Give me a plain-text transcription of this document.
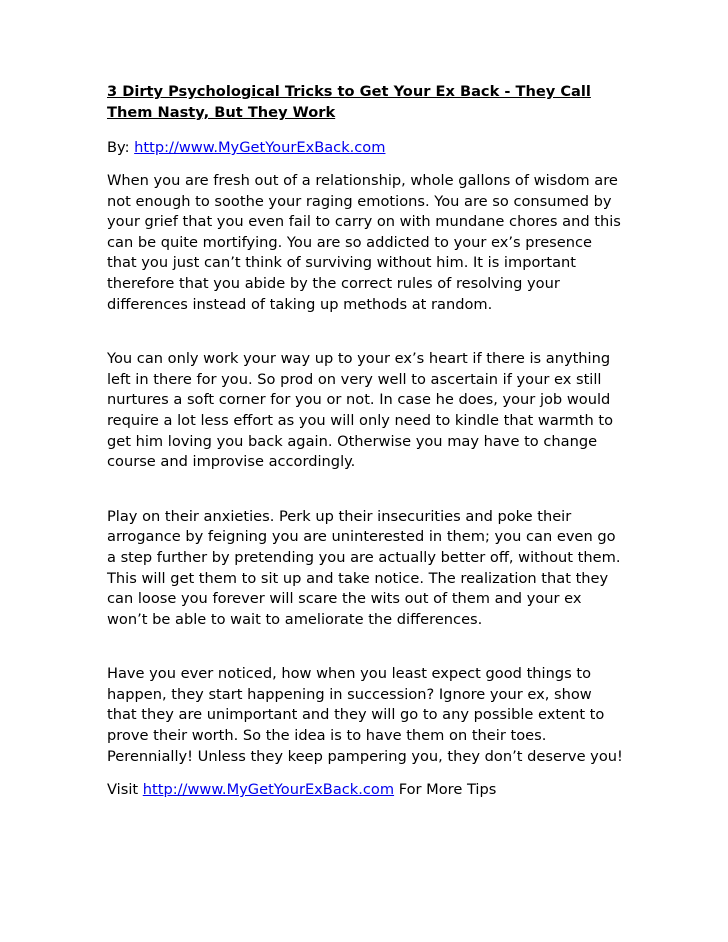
3 Dirty Psychological Tricks to Get Your Ex Back - They Call Them Nasty, But They Work
By: http://www.MyGetYourExBack.com

When you are fresh out of a relationship, whole gallons of wisdom are not enough to soothe your raging emotions. You are so consumed by your grief that you even fail to carry on with mundane chores and this can be quite mortifying. You are so addicted to your ex’s presence that you just can’t think of surviving without him. It is important therefore that you abide by the correct rules of resolving your differences instead of taking up methods at random.

You can only work your way up to your ex’s heart if there is anything left in there for you. So prod on very well to ascertain if your ex still nurtures a soft corner for you or not. In case he does, your job would require a lot less effort as you will only need to kindle that warmth to get him loving you back again. Otherwise you may have to change course and improvise accordingly.

Play on their anxieties. Perk up their insecurities and poke their arrogance by feigning you are uninterested in them; you can even go a step further by pretending you are actually better off, without them. This will get them to sit up and take notice. The realization that they can loose you forever will scare the wits out of them and your ex won’t be able to wait to ameliorate the differences.

Have you ever noticed, how when you least expect good things to happen, they start happening in succession? Ignore your ex, show that they are unimportant and they will go to any possible extent to prove their worth. So the idea is to have them on their toes. Perennially! Unless they keep pampering you, they don’t deserve you!

Visit http://www.MyGetYourExBack.com For More Tips
